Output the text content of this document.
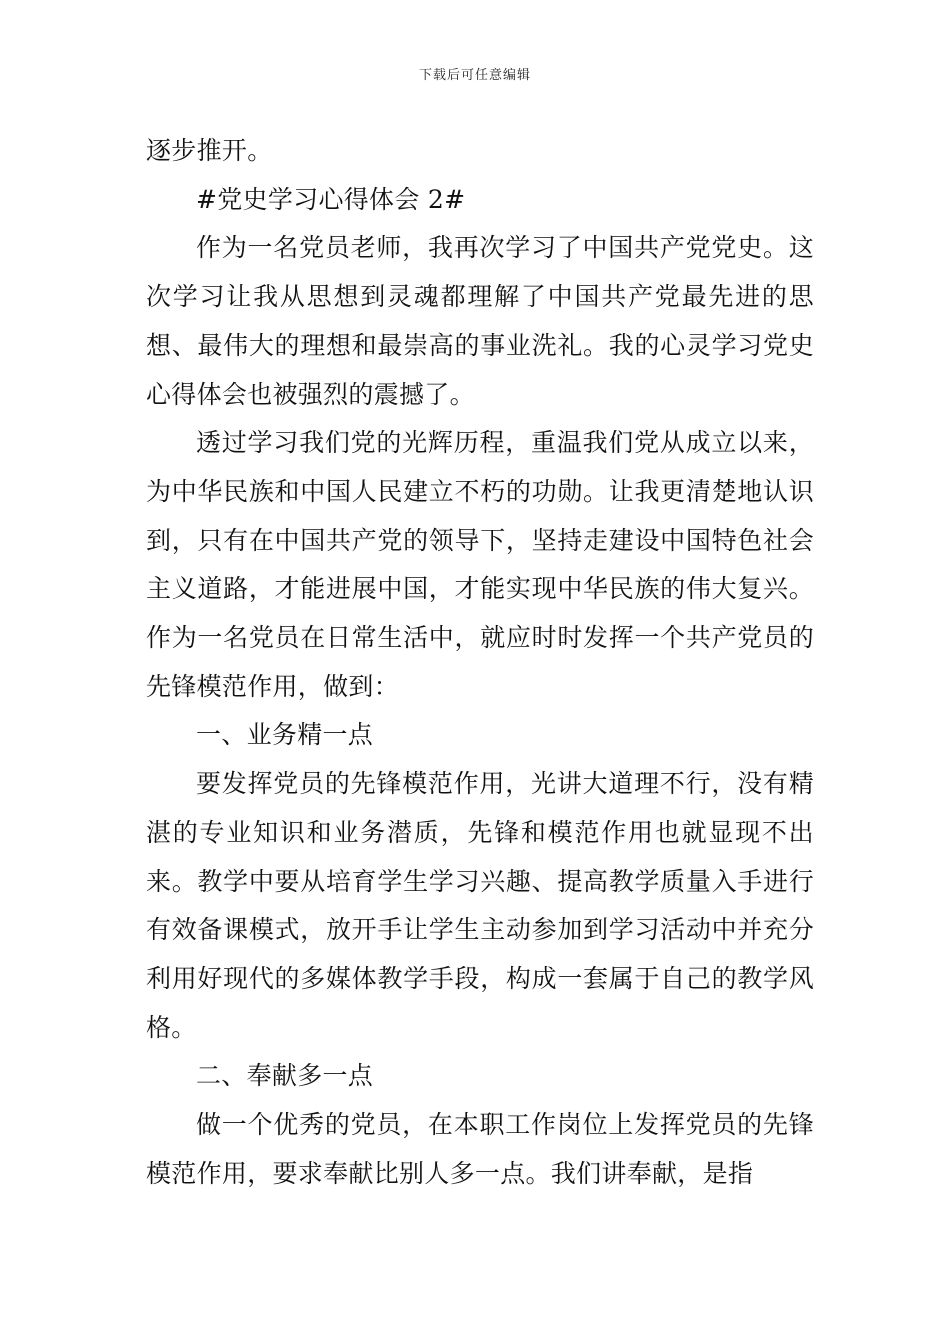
下载后可任意编辑

逐步推开。

#党史学习心得体会 2#

作为一名党员老师，我再次学习了中国共产党党史。这次学习让我从思想到灵魂都理解了中国共产党最先进的思想、最伟大的理想和最崇高的事业洗礼。我的心灵学习党史心得体会也被强烈的震撼了。

透过学习我们党的光辉历程，重温我们党从成立以来，为中华民族和中国人民建立不朽的功勋。让我更清楚地认识到，只有在中国共产党的领导下，坚持走建设中国特色社会主义道路，才能进展中国，才能实现中华民族的伟大复兴。作为一名党员在日常生活中，就应时时发挥一个共产党员的先锋模范作用，做到：

一、业务精一点

要发挥党员的先锋模范作用，光讲大道理不行，没有精湛的专业知识和业务潜质，先锋和模范作用也就显现不出来。教学中要从培育学生学习兴趣、提高教学质量入手进行有效备课模式，放开手让学生主动参加到学习活动中并充分利用好现代的多媒体教学手段，构成一套属于自己的教学风格。

二、奉献多一点

做一个优秀的党员，在本职工作岗位上发挥党员的先锋模范作用，要求奉献比别人多一点。我们讲奉献，是指
